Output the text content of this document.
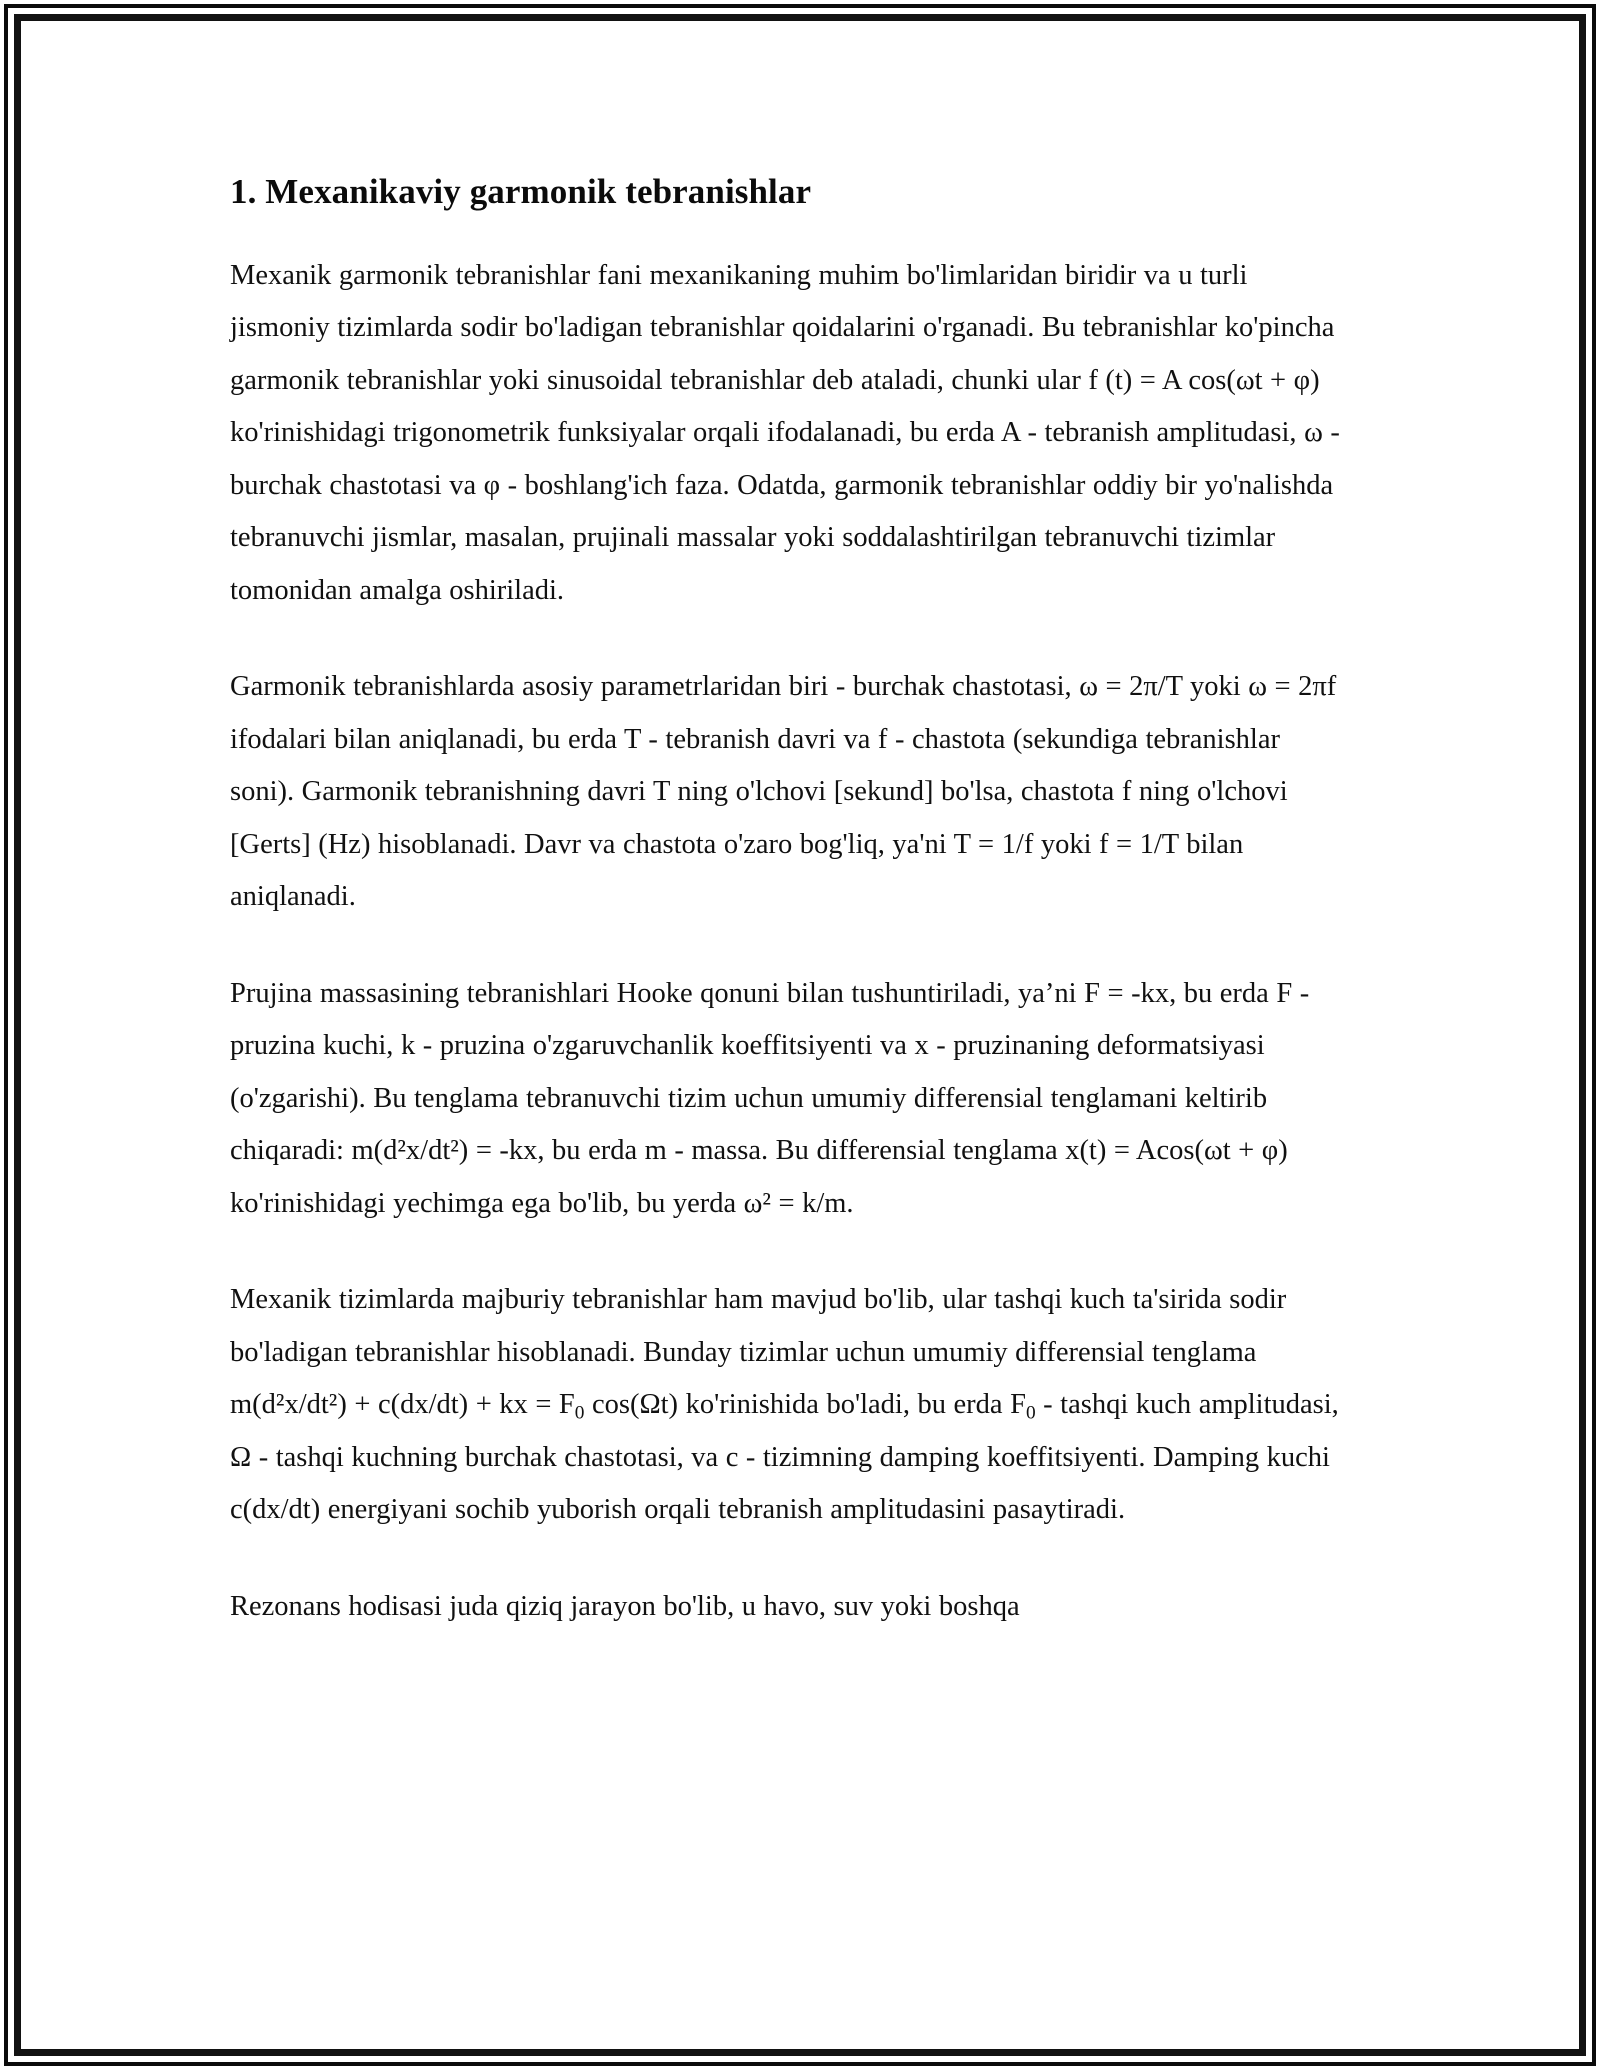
1. Mexanikaviy garmonik tebranishlar

Mexanik garmonik tebranishlar fani mexanikaning muhim bo'limlaridan biridir va u turli jismoniy tizimlarda sodir bo'ladigan tebranishlar qoidalarini o'rganadi. Bu tebranishlar ko'pincha garmonik tebranishlar yoki sinusoidal tebranishlar deb ataladi, chunki ular f (t) = A cos(ωt + φ) ko'rinishidagi trigonometrik funksiyalar orqali ifodalanadi, bu erda A - tebranish amplitudasi, ω - burchak chastotasi va φ - boshlang'ich faza. Odatda, garmonik tebranishlar oddiy bir yo'nalishda tebranuvchi jismlar, masalan, prujinali massalar yoki soddalashtirilgan tebranuvchi tizimlar tomonidan amalga oshiriladi.

Garmonik tebranishlarda asosiy parametrlaridan biri - burchak chastotasi, ω = 2π/T yoki ω = 2πf ifodalari bilan aniqlanadi, bu erda T - tebranish davri va f - chastota (sekundiga tebranishlar soni). Garmonik tebranishning davri T ning o'lchovi [sekund] bo'lsa, chastota f ning o'lchovi [Gerts] (Hz) hisoblanadi. Davr va chastota o'zaro bog'liq, ya'ni T = 1/f yoki f = 1/T bilan aniqlanadi.

Prujina massasining tebranishlari Hooke qonuni bilan tushuntiriladi, ya’ni F = -kx, bu erda F - pruzina kuchi, k - pruzina o'zgaruvchanlik koeffitsiyenti va x - pruzinaning deformatsiyasi (o'zgarishi). Bu tenglama tebranuvchi tizim uchun umumiy differensial tenglamani keltirib chiqaradi: m(d²x/dt²) = -kx, bu erda m - massa. Bu differensial tenglama x(t) = Acos(ωt + φ) ko'rinishidagi yechimga ega bo'lib, bu yerda ω² = k/m.

Mexanik tizimlarda majburiy tebranishlar ham mavjud bo'lib, ular tashqi kuch ta'sirida sodir bo'ladigan tebranishlar hisoblanadi. Bunday tizimlar uchun umumiy differensial tenglama m(d²x/dt²) + c(dx/dt) + kx = $F_0$ cos(Ωt) ko'rinishida bo'ladi, bu erda $F_0$ - tashqi kuch amplitudasi, Ω - tashqi kuchning burchak chastotasi, va c - tizimning damping koeffitsiyenti. Damping kuchi c(dx/dt) energiyani sochib yuborish orqali tebranish amplitudasini pasaytiradi.

Rezonans hodisasi juda qiziq jarayon bo'lib, u havo, suv yoki boshqa
